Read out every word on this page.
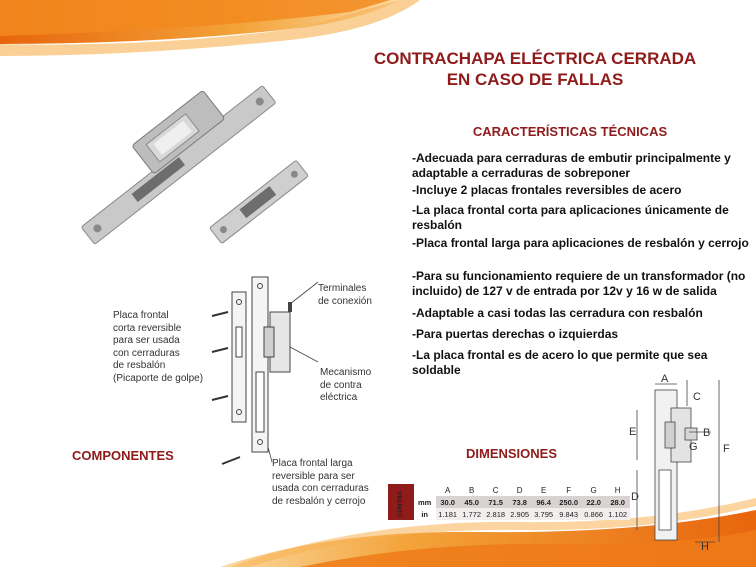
CONTRACHAPA ELÉCTRICA CERRADA
EN CASO DE FALLAS
CARACTERÍSTICAS TÉCNICAS
-Adecuada para cerraduras de embutir principalmente y adaptable a cerraduras de sobreponer
-Incluye 2 placas frontales reversibles de acero
-La placa frontal corta para aplicaciones únicamente de resbalón
-Placa frontal larga para aplicaciones de resbalón y cerrojo
-Para su funcionamiento requiere de un transformador (no incluido) de 127 v de entrada por 12v y 16 w de salida
-Adaptable a casi todas las cerradura con resbalón
-Para puertas derechas o izquierdas
-La placa frontal es de acero lo que permite que sea soldable
Placa frontal
corta reversible
para ser usada
con cerraduras
de resbalón
(Picaporte de golpe)
Terminales
de conexión
Mecanismo
de contra
eléctrica
Placa frontal larga
reversible para ser
usada con cerraduras
de resbalón y cerrojo
COMPONENTES	DIMENSIONES
CONTRA		A	B	C	D	E	F	G	H
	mm	30.0	45.0	71.5	73.8	96.4	250.0	22.0	28.0
	in	1.181	1.772	2.818	2.905	3.795	9.843	0.866	1.102
A
B
C
D
E
F
G
H
